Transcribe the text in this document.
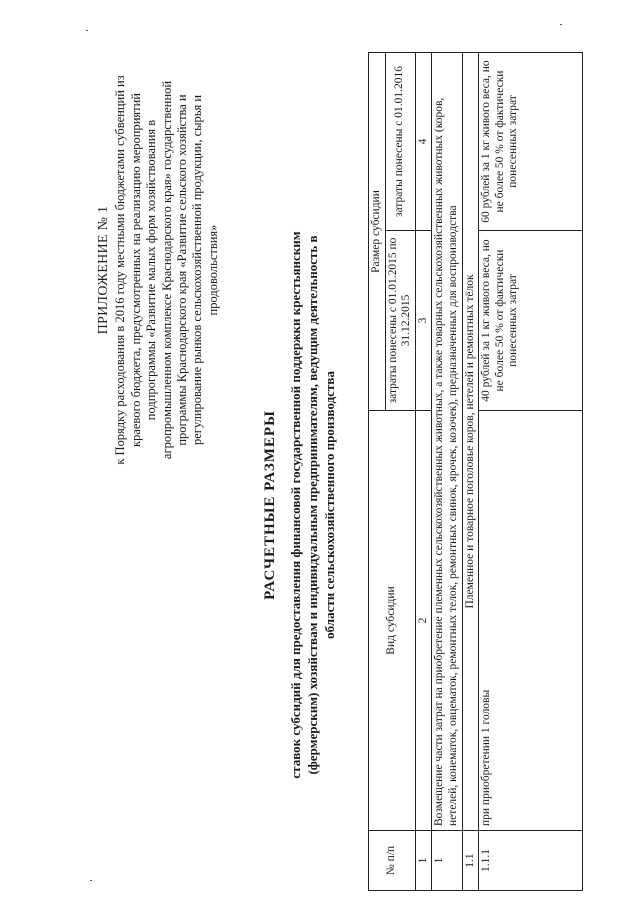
ПРИЛОЖЕНИЕ № 1 к Порядку расходования в 2016 году местными бюджетами субвенций из краевого бюджета, предусмотренных на реализацию мероприятий подпрограммы «Развитие малых форм хозяйствования в агропромышленном комплексе Краснодарского края» государственной программы Краснодарского края «Развитие сельского хозяйства и регулирование рынков сельскохозяйственной продукции, сырья и продовольствия»
РАСЧЕТНЫЕ РАЗМЕРЫ ставок субсидий для предоставления финансовой государственной поддержки крестьянским (фермерским) хозяйствам и индивидуальным предпринимателям, ведущим деятельность в области сельскохозяйственного производства
№ п/п	Вид субсидии	Размер субсидии	
		затраты понесены с 01.01.2015 по 31.12.2015	затраты понесены с 01.01.2016
1	2	3	4
1	Возмещение части затрат на приобретение племенных сельскохозяйственных животных, а также товарных сельскохозяйственных животных (коров, нетелей, конематок, овцематок, ремонтных телок, ремонтных свинок, ярочек, козочек), предназначенных для воспроизводства		
1.1	Племенное и товарное поголовье коров, нетелей и ремонтных тёлок		
1.1.1	при приобретении 1 головы	40 рублей за 1 кг живого веса, но не более 50 % от фактически понесенных затрат	60 рублей за 1 кг живого веса, но не более 50 % от фактически понесенных затрат
